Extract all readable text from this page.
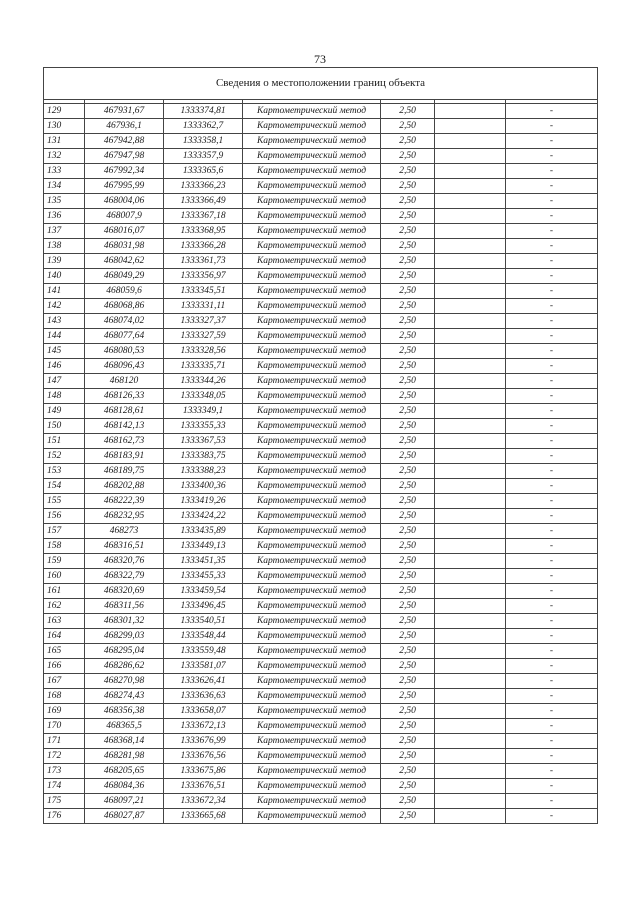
73
Сведения о местоположении границ объекта						

129	467931,67	1333374,81	Картометрический метод	2,50		-
130	467936,1	1333362,7	Картометрический метод	2,50		-
131	467942,88	1333358,1	Картометрический метод	2,50		-
132	467947,98	1333357,9	Картометрический метод	2,50		-
133	467992,34	1333365,6	Картометрический метод	2,50		-
134	467995,99	1333366,23	Картометрический метод	2,50		-
135	468004,06	1333366,49	Картометрический метод	2,50		-
136	468007,9	1333367,18	Картометрический метод	2,50		-
137	468016,07	1333368,95	Картометрический метод	2,50		-
138	468031,98	1333366,28	Картометрический метод	2,50		-
139	468042,62	1333361,73	Картометрический метод	2,50		-
140	468049,29	1333356,97	Картометрический метод	2,50		-
141	468059,6	1333345,51	Картометрический метод	2,50		-
142	468068,86	1333331,11	Картометрический метод	2,50		-
143	468074,02	1333327,37	Картометрический метод	2,50		-
144	468077,64	1333327,59	Картометрический метод	2,50		-
145	468080,53	1333328,56	Картометрический метод	2,50		-
146	468096,43	1333335,71	Картометрический метод	2,50		-
147	468120	1333344,26	Картометрический метод	2,50		-
148	468126,33	1333348,05	Картометрический метод	2,50		-
149	468128,61	1333349,1	Картометрический метод	2,50		-
150	468142,13	1333355,33	Картометрический метод	2,50		-
151	468162,73	1333367,53	Картометрический метод	2,50		-
152	468183,91	1333383,75	Картометрический метод	2,50		-
153	468189,75	1333388,23	Картометрический метод	2,50		-
154	468202,88	1333400,36	Картометрический метод	2,50		-
155	468222,39	1333419,26	Картометрический метод	2,50		-
156	468232,95	1333424,22	Картометрический метод	2,50		-
157	468273	1333435,89	Картометрический метод	2,50		-
158	468316,51	1333449,13	Картометрический метод	2,50		-
159	468320,76	1333451,35	Картометрический метод	2,50		-
160	468322,79	1333455,33	Картометрический метод	2,50		-
161	468320,69	1333459,54	Картометрический метод	2,50		-
162	468311,56	1333496,45	Картометрический метод	2,50		-
163	468301,32	1333540,51	Картометрический метод	2,50		-
164	468299,03	1333548,44	Картометрический метод	2,50		-
165	468295,04	1333559,48	Картометрический метод	2,50		-
166	468286,62	1333581,07	Картометрический метод	2,50		-
167	468270,98	1333626,41	Картометрический метод	2,50		-
168	468274,43	1333636,63	Картометрический метод	2,50		-
169	468356,38	1333658,07	Картометрический метод	2,50		-
170	468365,5	1333672,13	Картометрический метод	2,50		-
171	468368,14	1333676,99	Картометрический метод	2,50		-
172	468281,98	1333676,56	Картометрический метод	2,50		-
173	468205,65	1333675,86	Картометрический метод	2,50		-
174	468084,36	1333676,51	Картометрический метод	2,50		-
175	468097,21	1333672,34	Картометрический метод	2,50		-
176	468027,87	1333665,68	Картометрический метод	2,50		-
